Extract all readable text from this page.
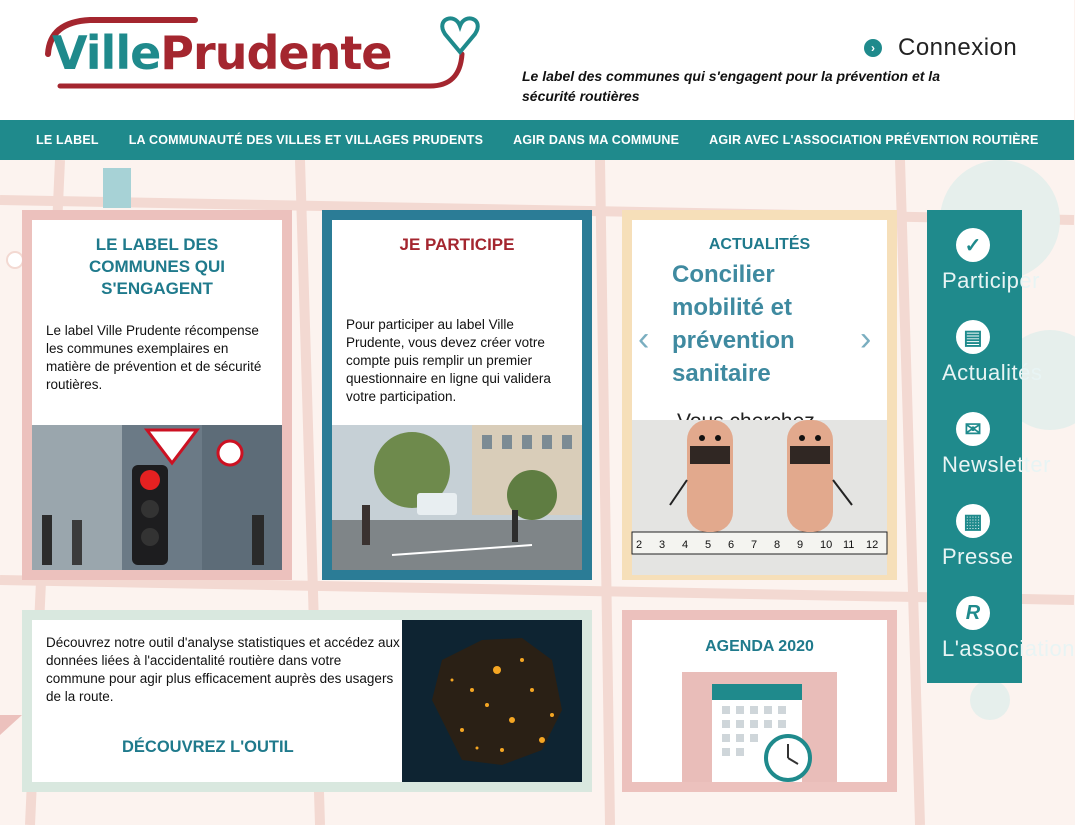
VillePrudente	› Connexion
Le label des communes qui s'engagent pour la prévention et la sécurité routières
LE LABEL LA COMMUNAUTÉ DES VILLES ET VILLAGES PRUDENTS AGIR DANS MA COMMUNE AGIR AVEC L'ASSOCIATION PRÉVENTION ROUTIÈRE
LE LABEL DES COMMUNES QUI S'ENGAGENT
Le label Ville Prudente récompense les communes exemplaires en matière de prévention et de sécurité routières.
JE PARTICIPE
Pour participer au label Ville Prudente, vous devez créer votre compte puis remplir un premier questionnaire en ligne qui validera votre participation.
ACTUALITÉS
Concilier mobilité et prévention sanitaire
2 3 4 5 6 7 8 9 10 11 12
‹	›
Découvrez notre outil d'analyse statistiques et accédez aux données liées à l'accidentalité routière dans votre commune pour agir plus efficacement auprès des usagers de la route.
DÉCOUVREZ L'OUTIL
AGENDA 2020
✓
Participer
▤
Actualités
✉
Newsletter
▦
Presse
R
L'association
